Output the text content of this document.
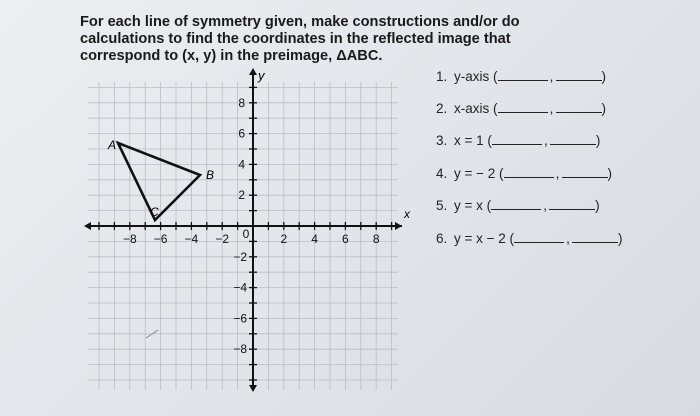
For each line of symmetry given, make constructions and/or do calculations to find the coordinates in the reflected image that correspond to (x, y) in the preimage, ΔABC.

x
y
−8 −6 −4 −2 0	2 4 6 8
8
6
4
2
−2
−4
−6
−8
A
B
C
1. y-axis (	,	)
2. x-axis (	,	)
3. x = 1 (	,	)
4. y = − 2 (	,	)
5. y = x (	,	)
6. y = x − 2 (	,	)
